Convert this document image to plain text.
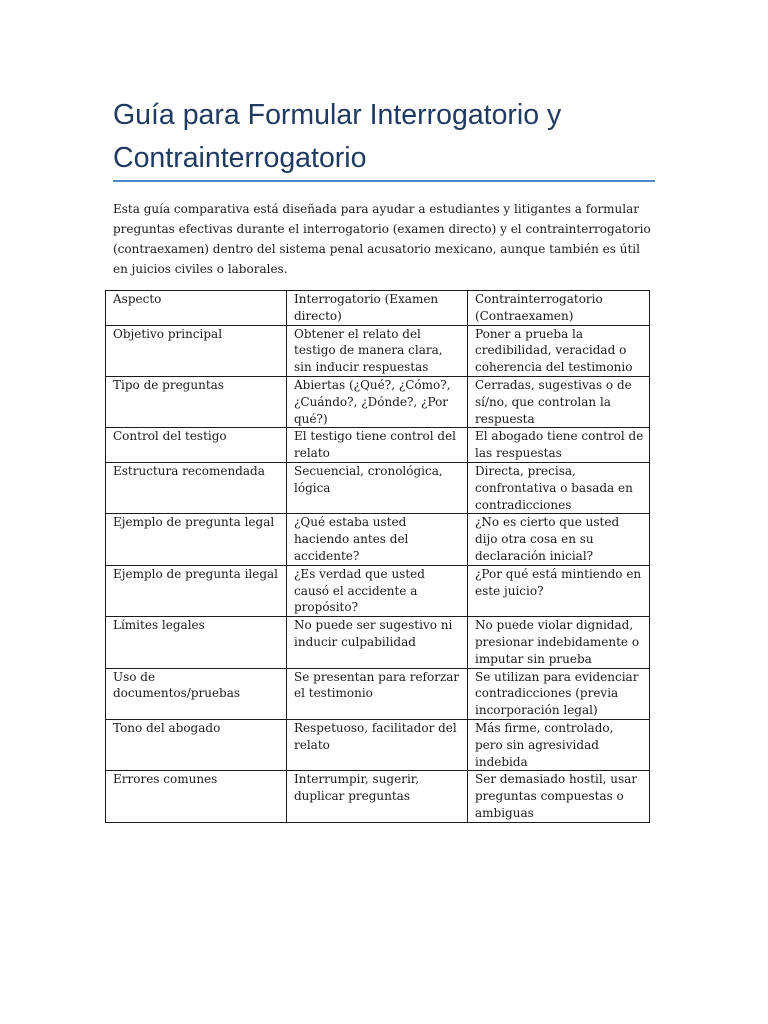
Guía para Formular Interrogatorio y Contrainterrogatorio

Esta guía comparativa está diseñada para ayudar a estudiantes y litigantes a formular preguntas efectivas durante el interrogatorio (examen directo) y el contrainterrogatorio (contraexamen) dentro del sistema penal acusatorio mexicano, aunque también es útil en juicios civiles o laborales.

Aspecto	Interrogatorio (Examen directo)	Contrainterrogatorio (Contraexamen)
Objetivo principal	Obtener el relato del testigo de manera clara, sin inducir respuestas	Poner a prueba la credibilidad, veracidad o coherencia del testimonio
Tipo de preguntas	Abiertas (¿Qué?, ¿Cómo?, ¿Cuándo?, ¿Dónde?, ¿Por qué?)	Cerradas, sugestivas o de sí/no, que controlan la respuesta
Control del testigo	El testigo tiene control del relato	El abogado tiene control de las respuestas
Estructura recomendada	Secuencial, cronológica, lógica	Directa, precisa, confrontativa o basada en contradicciones
Ejemplo de pregunta legal	¿Qué estaba usted haciendo antes del accidente?	¿No es cierto que usted dijo otra cosa en su declaración inicial?
Ejemplo de pregunta ilegal	¿Es verdad que usted causó el accidente a propósito?	¿Por qué está mintiendo en este juicio?
Límites legales	No puede ser sugestivo ni inducir culpabilidad	No puede violar dignidad, presionar indebidamente o imputar sin prueba
Uso de documentos/pruebas	Se presentan para reforzar el testimonio	Se utilizan para evidenciar contradicciones (previa incorporación legal)
Tono del abogado	Respetuoso, facilitador del relato	Más firme, controlado, pero sin agresividad indebida
Errores comunes	Interrumpir, sugerir, duplicar preguntas	Ser demasiado hostil, usar preguntas compuestas o ambiguas
